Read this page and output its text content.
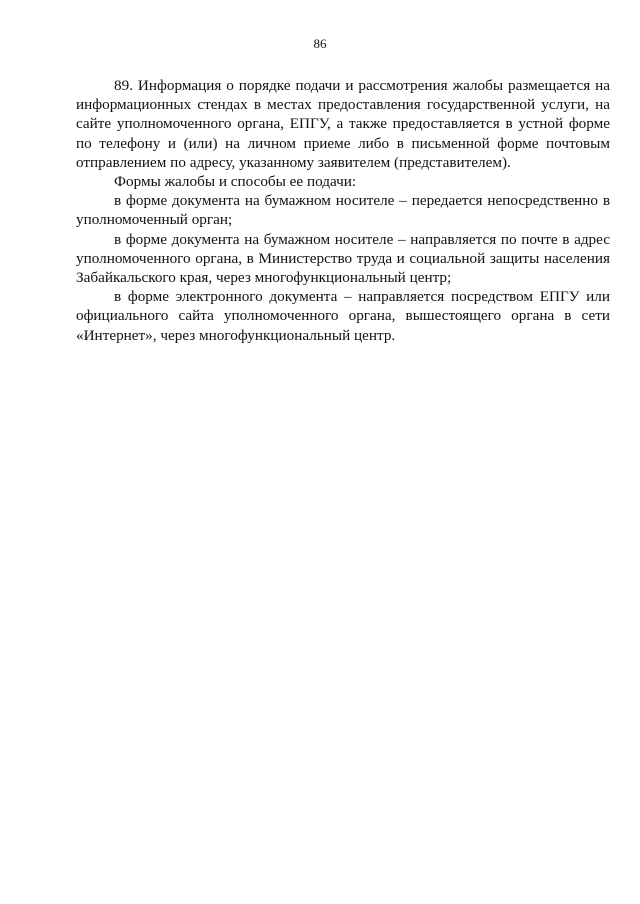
86

89. Информация о порядке подачи и рассмотрения жалобы размещается на информационных стендах в местах предоставления государственной услуги, на сайте уполномоченного органа, ЕПГУ, а также предоставляется в устной форме по телефону и (или) на личном приеме либо в письменной форме почтовым отправлением по адресу, указанному заявителем (представителем).

Формы жалобы и способы ее подачи:

в форме документа на бумажном носителе – передается непосредственно в уполномоченный орган;

в форме документа на бумажном носителе – направляется по почте в адрес уполномоченного органа, в Министерство труда и социальной защиты населения Забайкальского края, через многофункциональный центр;

в форме электронного документа – направляется посредством ЕПГУ или официального сайта уполномоченного органа, вышестоящего органа в сети «Интернет», через многофункциональный центр.
